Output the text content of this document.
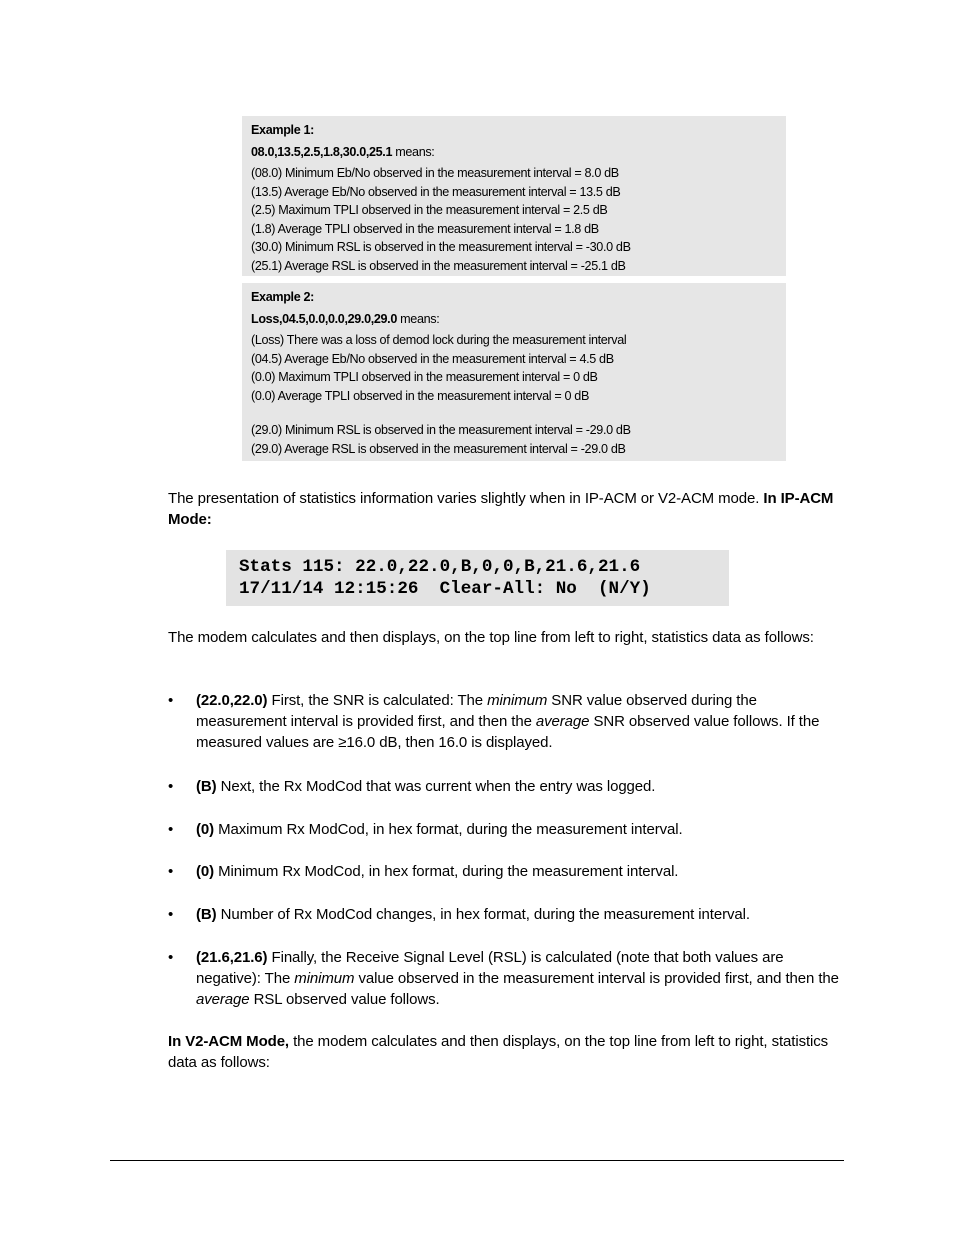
Example 1:
08.0,13.5,2.5,1.8,30.0,25.1 means:
(08.0) Minimum Eb/No observed in the measurement interval = 8.0 dB
(13.5) Average Eb/No observed in the measurement interval = 13.5 dB
(2.5) Maximum TPLI observed in the measurement interval = 2.5 dB
(1.8) Average TPLI observed in the measurement interval = 1.8 dB
(30.0) Minimum RSL is observed in the measurement interval = -30.0 dB
(25.1) Average RSL is observed in the measurement interval = -25.1 dB
Example 2:
Loss,04.5,0.0,0.0,29.0,29.0 means:
(Loss) There was a loss of demod lock during the measurement interval
(04.5) Average Eb/No observed in the measurement interval = 4.5 dB
(0.0) Maximum TPLI observed in the measurement interval = 0 dB
(0.0) Average TPLI observed in the measurement interval = 0 dB
(29.0) Minimum RSL is observed in the measurement interval = -29.0 dB
(29.0) Average RSL is observed in the measurement interval = -29.0 dB
The presentation of statistics information varies slightly when in IP-ACM or V2-ACM mode. In IP-ACM Mode:
Stats 115: 22.0,22.0,B,0,0,B,21.6,21.6
17/11/14 12:15:26  Clear-All: No  (N/Y)
The modem calculates and then displays, on the top line from left to right, statistics data as follows:
•	(22.0,22.0) First, the SNR is calculated: The minimum SNR value observed during the measurement interval is provided first, and then the average SNR observed value follows. If the measured values are ≥16.0 dB, then 16.0 is displayed.
•	(B) Next, the Rx ModCod that was current when the entry was logged.
•	(0) Maximum Rx ModCod, in hex format, during the measurement interval.
•	(0) Minimum Rx ModCod, in hex format, during the measurement interval.
•	(B) Number of Rx ModCod changes, in hex format, during the measurement interval.
•	(21.6,21.6) Finally, the Receive Signal Level (RSL) is calculated (note that both values are negative): The minimum value observed in the measurement interval is provided first, and then the average RSL observed value follows.
In V2-ACM Mode, the modem calculates and then displays, on the top line from left to right, statistics data as follows:
